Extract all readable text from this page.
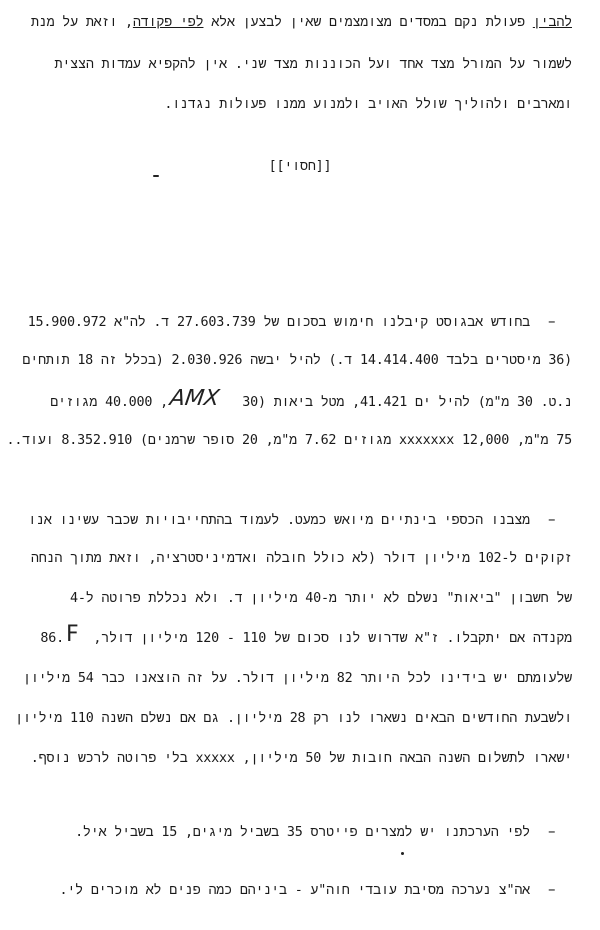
להבין פעולת נקם במסדים מצומצמים שאין לבצען אלא לפי פקודה, וזאת על מנת
לשמור על המורל מצד אחד ועל הכוננות מצד שני. אין להקפיא עמדות הצצית
ומארבים ולהוליך שולל האויב ולמנוע ממנו פעולות נגדנו.
[[חסוי]]
–
בחודש אבגוסט קיבלנו חימוש בסכום של 27.603.739 ד. לה"א 15.900.972
(36 מיסטרים בלבד 14.414.400 ד.) להיל יבשה 2.030.926 (בכלל זה 18 תותחים
נ.ט. 30 מ"מ) להיל ים 41.421, מטל ביאות (30
AMX
, 40.000 מגוזים
75 מ"מ, 12,000 xxxxxxx מגוזים 7.62 מ"מ, 20 סופר שרמנים) 8.352.910 ועוד..
–
מצבנו הכספי בינתיים מיואש כמעט. לעמוד בהתחייבויות שכבר עשינו אנו
זקוקים ל-102 מיליון דולר (לא כולל חובלה ואדמיניסטרציה, וזאת מתוך הנחה
של חשבון "ביאות" נשלם לא יותר מ-40 מיליון ד. ולא נכללת פרוטה ל-4
מקנדה אם יתקבלו. ז"א שדרוש לנו סכום של 110 - 120 מיליון דולר,
F
.86
שלעומתם יש בידינו לכל היותר 82 מיליון דולר. על זה הוצאנו כבר 54 מיליון
ולשבעת החודשים הבאים נשארו לנו רק 28 מיליון. גם אם נשלם השנה 110 מיליון
ישארו לתשלום השנה הבאה חובות של 50 מיליון, xxxxx בלי פרוטה לרכש נוסף.
–
לפי הערכתנו יש למצרים פייטרס 35 בשביל מיגים, 15 בשביל איל.
–
אה"צ נערכה מסיבת עובדי חוה"ע - ביניהם כמה פנים לא מוכרים לי.
